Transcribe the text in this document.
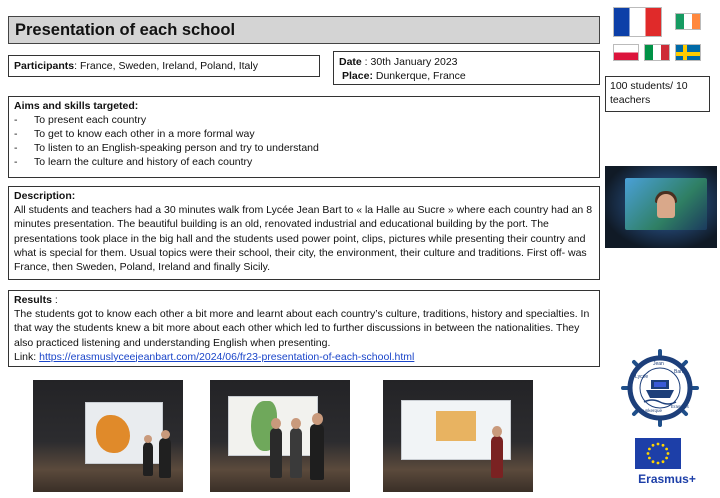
Presentation of each school
Participants: France, Sweden, Ireland, Poland, Italy	Date : 30th January 2023
Place: Dunkerque, France
100 students/ 10 teachers
Aims and skills targeted:
- To present each country
- To get to know each other in a more formal way
- To listen to an English-speaking person and try to understand
- To learn the culture and history of each country
Description:
All students and teachers had a 30 minutes walk from Lycée Jean Bart to « la Halle au Sucre » where each country had an 8 minutes presentation. The beautiful building is an old, renovated industrial and educational building by the port. The presentations took place in the big hall and the students used power point, clips, pictures while presenting their country and what is special for them. Usual topics were their school, their city, the environment, their culture and traditions. First off- was France, then Sweden, Poland, Ireland and finally Sicily.
Results :
The students got to know each other a bit more and learnt about each country’s culture, traditions, history and specialties. In that way the students knew a bit more about each other which led to further discussions in between the nationalities. They also practiced listening and understanding English when presenting.
Link: https://erasmuslyceejeanbart.com/2024/06/fr23-presentation-of-each-school.html
Lycée
Jean
Bart
Dunkerque
Erasmus
Erasmus+
